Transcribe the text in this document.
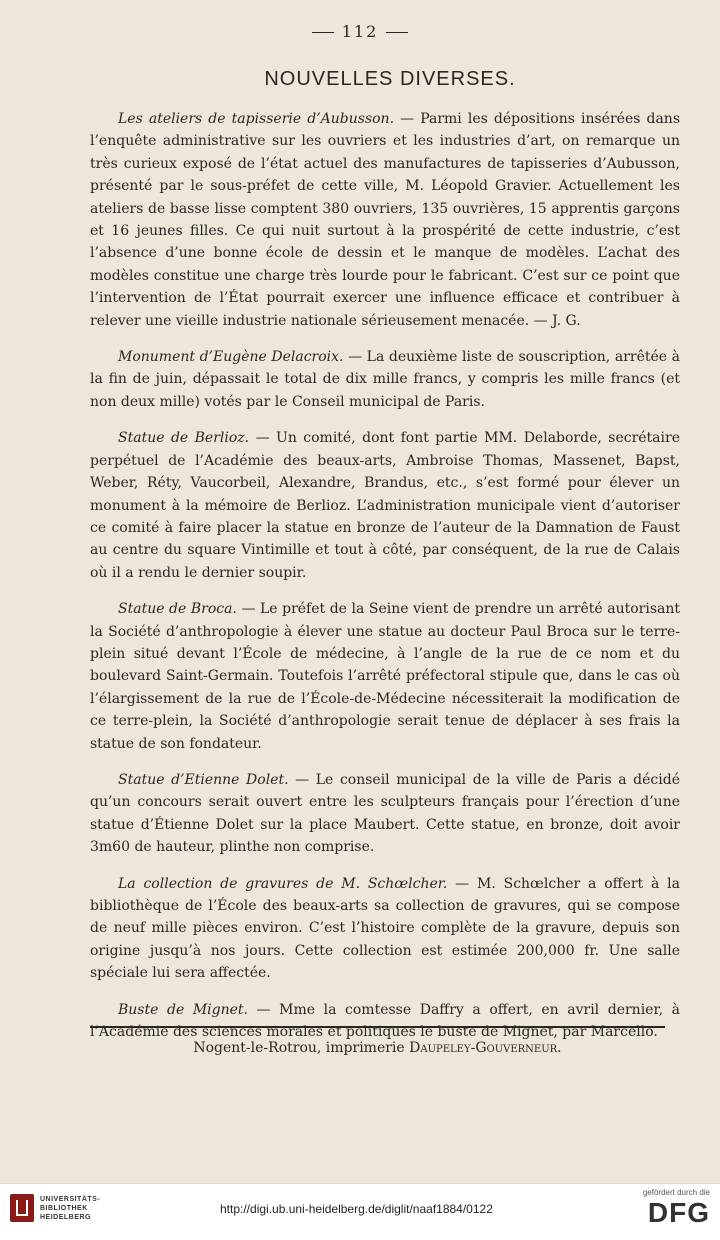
112
NOUVELLES DIVERSES.

Les ateliers de tapisserie d’Aubusson. — Parmi les dépositions insérées dans l’enquête administrative sur les ouvriers et les industries d’art, on remarque un très curieux exposé de l’état actuel des manufactures de tapisseries d’Aubusson, présenté par le sous-préfet de cette ville, M. Léopold Gravier. Actuellement les ateliers de basse lisse comptent 380 ouvriers, 135 ouvrières, 15 apprentis garçons et 16 jeunes filles. Ce qui nuit surtout à la prospérité de cette industrie, c’est l’absence d’une bonne école de dessin et le manque de modèles. L’achat des modèles constitue une charge très lourde pour le fabricant. C’est sur ce point que l’intervention de l’État pourrait exercer une influence efficace et contribuer à relever une vieille industrie nationale sérieusement menacée. — J. G.

Monument d’Eugène Delacroix. — La deuxième liste de souscription, arrêtée à la fin de juin, dépassait le total de dix mille francs, y compris les mille francs (et non deux mille) votés par le Conseil municipal de Paris.

Statue de Berlioz. — Un comité, dont font partie MM. Delaborde, secrétaire perpétuel de l’Académie des beaux-arts, Ambroise Thomas, Massenet, Bapst, Weber, Réty, Vaucorbeil, Alexandre, Brandus, etc., s’est formé pour élever un monument à la mémoire de Berlioz. L’administration municipale vient d’autoriser ce comité à faire placer la statue en bronze de l’auteur de la Damnation de Faust au centre du square Vintimille et tout à côté, par conséquent, de la rue de Calais où il a rendu le dernier soupir.

Statue de Broca. — Le préfet de la Seine vient de prendre un arrêté autorisant la Société d’anthropologie à élever une statue au docteur Paul Broca sur le terre-plein situé devant l’École de médecine, à l’angle de la rue de ce nom et du boulevard Saint-Germain. Toutefois l’arrêté préfectoral stipule que, dans le cas où l’élargissement de la rue de l’École-de-Médecine nécessiterait la modification de ce terre-plein, la Société d’anthropologie serait tenue de déplacer à ses frais la statue de son fondateur.

Statue d’Etienne Dolet. — Le conseil municipal de la ville de Paris a décidé qu’un concours serait ouvert entre les sculpteurs français pour l’érection d’une statue d’Étienne Dolet sur la place Maubert. Cette statue, en bronze, doit avoir 3m60 de hauteur, plinthe non comprise.

La collection de gravures de M. Schœlcher. — M. Schœlcher a offert à la bibliothèque de l’École des beaux-arts sa collection de gravures, qui se compose de neuf mille pièces environ. C’est l’histoire complète de la gravure, depuis son origine jusqu’à nos jours. Cette collection est estimée 200,000 fr. Une salle spéciale lui sera affectée.

Buste de Mignet. — Mme la comtesse Daffry a offert, en avril dernier, à l’Académie des sciences morales et politiques le buste de Mignet, par Marcello.

Nogent-le-Rotrou, imprimerie Daupeley-Gouverneur.
UNIVERSITÄTS-
BIBLIOTHEK
HEIDELBERG
http://digi.ub.uni-heidelberg.de/diglit/naaf1884/0122
gefördert durch die
DFG
